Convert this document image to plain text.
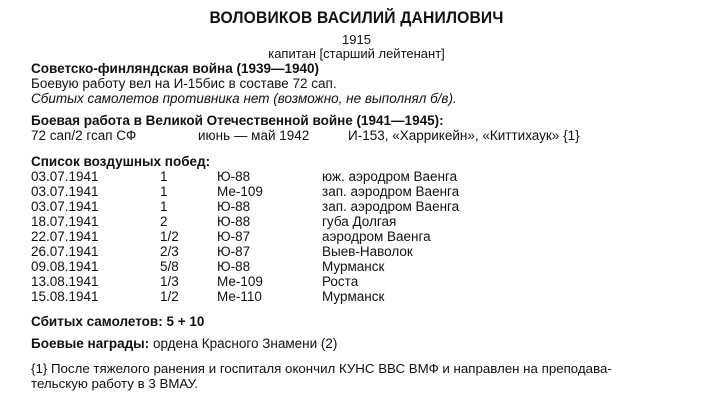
ВОЛОВИКОВ ВАСИЛИЙ ДАНИЛОВИЧ
1915
капитан [старший лейтенант]
Советско-финляндская война (1939—1940)
Боевую работу вел на И-15бис в составе 72 сап.
Сбитых самолетов противника нет (возможно, не выполнял б/в).
Боевая работа в Великой Отечественной войне (1941—1945):
72 сап/2 гсап СФ	июнь — май 1942	И-153, «Харрикейн», «Киттихаук» {1}
Список воздушных побед:
03.07.1941	1	Ю-88	юж. аэродром Ваенга
03.07.1941	1	Ме-109	зап. аэродром Ваенга
03.07.1941	1	Ю-88	зап. аэродром Ваенга
18.07.1941	2	Ю-88	губа Долгая
22.07.1941	1/2	Ю-87	аэродром Ваенга
26.07.1941	2/3	Ю-87	Выев-Наволок
09.08.1941	5/8	Ю-88	Мурманск
13.08.1941	1/3	Ме-109	Роста
15.08.1941	1/2	Ме-110	Мурманск
Сбитых самолетов: 5 + 10
Боевые награды: ордена Красного Знамени (2)
{1} После тяжелого ранения и госпиталя окончил КУНС ВВС ВМФ и направлен на преподава-
тельскую работу в 3 ВМАУ.
